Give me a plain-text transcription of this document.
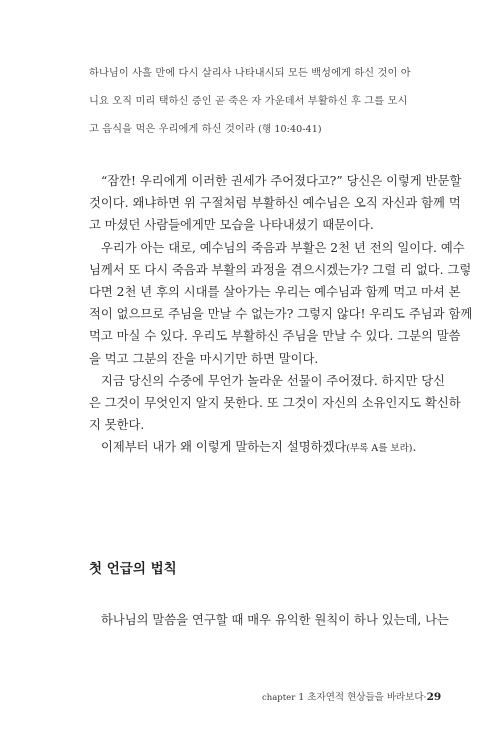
하나님이 사흘 만에 다시 살리사 나타내시되 모든 백성에게 하신 것이 아
니요 오직 미리 택하신 증인 곧 죽은 자 가운데서 부활하신 후 그를 모시
고 음식을 먹은 우리에게 하신 것이라 (행 10:40-41)
“잠깐! 우리에게 이러한 권세가 주어졌다고?” 당신은 이렇게 반문할
것이다. 왜냐하면 위 구절처럼 부활하신 예수님은 오직 자신과 함께 먹
고 마셨던 사람들에게만 모습을 나타내셨기 때문이다.
우리가 아는 대로, 예수님의 죽음과 부활은 2천 년 전의 일이다. 예수
님께서 또 다시 죽음과 부활의 과정을 겪으시겠는가? 그럴 리 없다. 그렇
다면 2천 년 후의 시대를 살아가는 우리는 예수님과 함께 먹고 마셔 본
적이 없으므로 주님을 만날 수 없는가? 그렇지 않다! 우리도 주님과 함께
먹고 마실 수 있다. 우리도 부활하신 주님을 만날 수 있다. 그분의 말씀
을 먹고 그분의 잔을 마시기만 하면 말이다.
지금 당신의 수중에 무언가 놀라운 선물이 주어졌다. 하지만 당신
은 그것이 무엇인지 알지 못한다. 또 그것이 자신의 소유인지도 확신하
지 못한다.
이제부터 내가 왜 이렇게 말하는지 설명하겠다(부록 A를 보라).
첫 언급의 법칙
하나님의 말씀을 연구할 때 매우 유익한 원칙이 하나 있는데, 나는
chapter 1 초자연적 현상들을 바라보다·29
